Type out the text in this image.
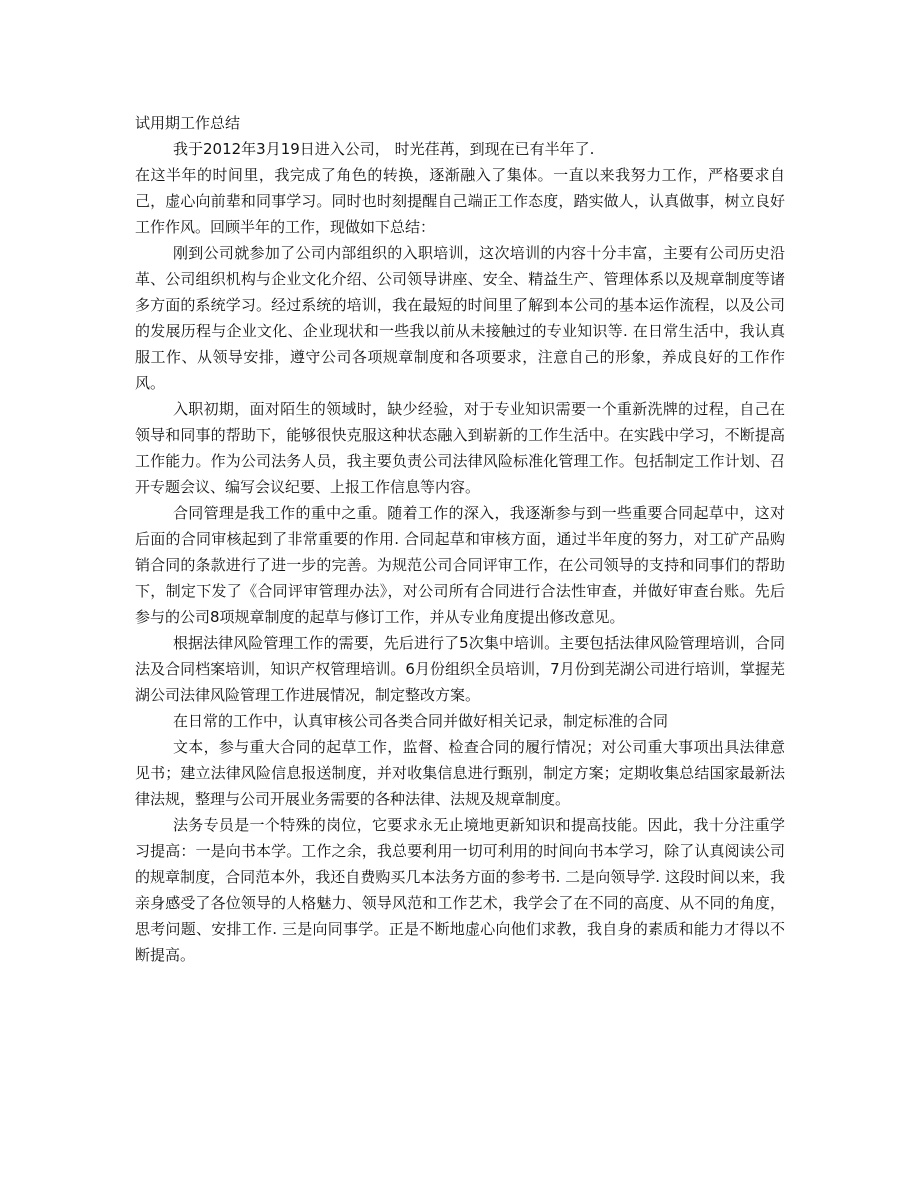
试用期工作总结

我于2012年3月19日进入公司， 时光荏苒，到现在已有半年了.

在这半年的时间里，我完成了角色的转换，逐渐融入了集体。一直以来我努力工作，严格要求自己，虚心向前辈和同事学习。同时也时刻提醒自己端正工作态度，踏实做人，认真做事，树立良好工作作风。回顾半年的工作，现做如下总结：

刚到公司就参加了公司内部组织的入职培训，这次培训的内容十分丰富，主要有公司历史沿革、公司组织机构与企业文化介绍、公司领导讲座、安全、精益生产、管理体系以及规章制度等诸多方面的系统学习。经过系统的培训，我在最短的时间里了解到本公司的基本运作流程，以及公司的发展历程与企业文化、企业现状和一些我以前从未接触过的专业知识等. 在日常生活中，我认真服工作、从领导安排，遵守公司各项规章制度和各项要求，注意自己的形象，养成良好的工作作风。

入职初期，面对陌生的领域时，缺少经验，对于专业知识需要一个重新洗牌的过程，自己在领导和同事的帮助下，能够很快克服这种状态融入到崭新的工作生活中。在实践中学习，不断提高工作能力。作为公司法务人员，我主要负责公司法律风险标准化管理工作。包括制定工作计划、召开专题会议、编写会议纪要、上报工作信息等内容。

合同管理是我工作的重中之重。随着工作的深入，我逐渐参与到一些重要合同起草中，这对后面的合同审核起到了非常重要的作用. 合同起草和审核方面，通过半年度的努力，对工矿产品购销合同的条款进行了进一步的完善。为规范公司合同评审工作，在公司领导的支持和同事们的帮助下，制定下发了《合同评审管理办法》，对公司所有合同进行合法性审查，并做好审查台账。先后参与的公司8项规章制度的起草与修订工作，并从专业角度提出修改意见。

根据法律风险管理工作的需要，先后进行了5次集中培训。主要包括法律风险管理培训，合同法及合同档案培训，知识产权管理培训。6月份组织全员培训，7月份到芜湖公司进行培训，掌握芜湖公司法律风险管理工作进展情况，制定整改方案。

在日常的工作中，认真审核公司各类合同并做好相关记录，制定标准的合同

文本，参与重大合同的起草工作，监督、检查合同的履行情况；对公司重大事项出具法律意见书；建立法律风险信息报送制度，并对收集信息进行甄别，制定方案；定期收集总结国家最新法律法规，整理与公司开展业务需要的各种法律、法规及规章制度。

法务专员是一个特殊的岗位，它要求永无止境地更新知识和提高技能。因此，我十分注重学习提高：一是向书本学。工作之余，我总要利用一切可利用的时间向书本学习，除了认真阅读公司的规章制度，合同范本外，我还自费购买几本法务方面的参考书. 二是向领导学. 这段时间以来，我亲身感受了各位领导的人格魅力、领导风范和工作艺术，我学会了在不同的高度、从不同的角度，思考问题、安排工作. 三是向同事学。正是不断地虚心向他们求教，我自身的素质和能力才得以不断提高。
